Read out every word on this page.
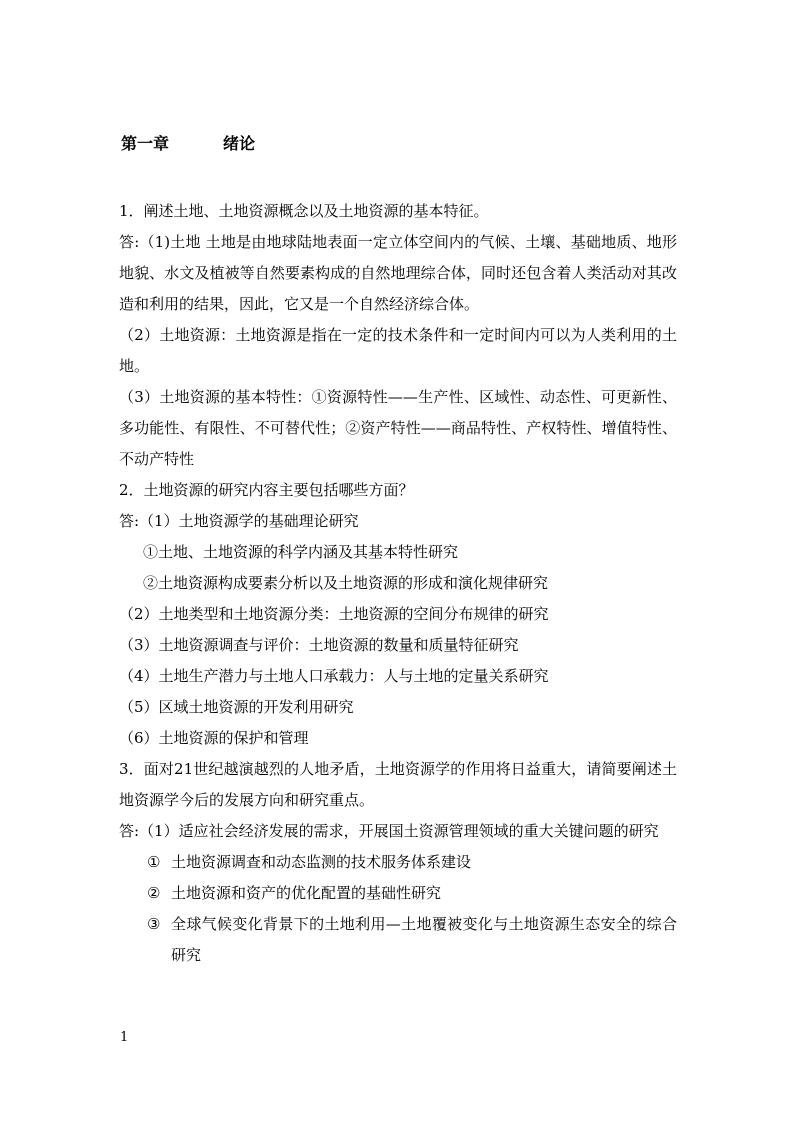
第一章	绪论

1．阐述土地、土地资源概念以及土地资源的基本特征。

答:（1)土地 土地是由地球陆地表面一定立体空间内的气候、土壤、基础地质、地形地貌、水文及植被等自然要素构成的自然地理综合体，同时还包含着人类活动对其改造和利用的结果，因此，它又是一个自然经济综合体。

（2）土地资源：土地资源是指在一定的技术条件和一定时间内可以为人类利用的土地。

（3）土地资源的基本特性：①资源特性——生产性、区域性、动态性、可更新性、多功能性、有限性、不可替代性；②资产特性——商品特性、产权特性、增值特性、不动产特性

2．土地资源的研究内容主要包括哪些方面？

答:（1）土地资源学的基础理论研究

①土地、土地资源的科学内涵及其基本特性研究

②土地资源构成要素分析以及土地资源的形成和演化规律研究

（2）土地类型和土地资源分类：土地资源的空间分布规律的研究

（3）土地资源调查与评价：土地资源的数量和质量特征研究

（4）土地生产潜力与土地人口承载力：人与土地的定量关系研究

（5）区域土地资源的开发利用研究

（6）土地资源的保护和管理

3．面对21世纪越演越烈的人地矛盾，土地资源学的作用将日益重大，请简要阐述土地资源学今后的发展方向和研究重点。

答:（1）适应社会经济发展的需求，开展国土资源管理领域的重大关键问题的研究

① 土地资源调查和动态监测的技术服务体系建设
② 土地资源和资产的优化配置的基础性研究
③ 全球气候变化背景下的土地利用—土地覆被变化与土地资源生态安全的综合研究
1
